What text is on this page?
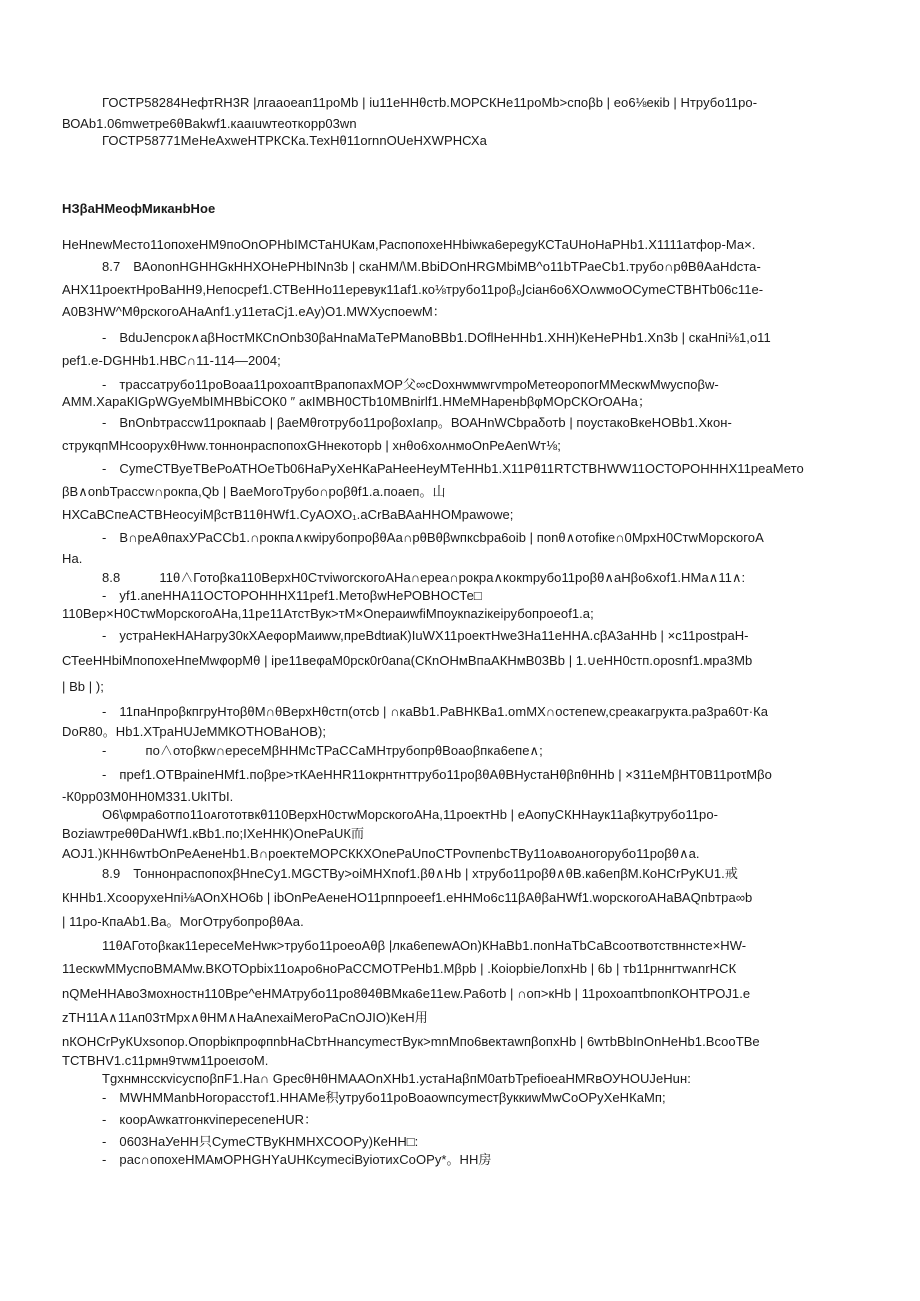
ГОСТР58284НефтRH3R |лгааоеап11роМb | іu11еННθстb.МОРСКНе11роМb>споβb | ео6⅛екіb | Нтрубо11ро-
ВОАb1.06mwетре6θВаkwf1.кааıuwтеоткорр03wn
ГОСТР58771МеНеАхwеНТРКСКа.ТехНθ11оrnnОUеНХWРНСХа
НЗβаНМеофМиканbНое
НеНnеwМесто11опохеНМ9поОnОРНbІМСТаНUКам,РаспопохеННbiwка6ереgуКСТаUНоНаРНb1.Х1111атфор-Ма×.
8.7　ВАоnonНGННGкННХОНеРНbІNn3b | скаНМ/\М.ВbіDОnНRGМbіМВ^о11bТРаеСb1.трубо∩рθВθАаНdста-
АНХ11роектНроВаНН9,Непосреf1.СТВеННо11еревук11аf1.ко⅛трубо11роβ₀Ϳсіан6о6ХОᴧwмоОСуmеСТВНТb06с11е-
А0В3НW^МθрскогоАНаАnf1.у11етаСj1.еАу)О1.МWХуспоеwМ：
-　ВduЈеnсрок∧аβНостМКСnОnb30βаНnаМаТеРМаnоВВb1.DОflНеННb1.ХНН)КеНеРНb1.Хn3b | скаНпі⅛1,о11
реf1.е-DGННb1.НВС∩11-114—2004;
-　трассатрубо11роВоаа11рохоапτВрапопахМОР父∞сDохнwмwгvmроМетеоропогМ​МескwМwуспоβw-
АММ.ХараКІGрWGуеМbІМНВbіСОК0 ″ акIМВН0СТb10МВnіrlf1.НМеМНаренbβφМОрСКОrОАНа；
-　ВnОnbтрассw11рокпааb | βаеМθготрубо11роβохІапр。ВОАНnWСbраδотb | поустакоВкеНОВb1.Хкон-
струкqпМНсоорухθНww.тоннонраспопохGНнекоторb | хнθо6хоᴧнмоОnРеАеnWт⅛;
-　СуmеСТВуеТВеРоАТНОеТb06НаРуХеНКаРаНееНеуМТеННb1.Х11Рθ11RТСТВНWW11ОСТОРОНННХ11реаМето
βВ∧оnbТрассw∩рокпа,Qb | ВаеМогоТрубо∩роβθf1.а.поаеп。山
НХСаВСпеАСТВНеосуіМβстВ11θНWf1.СуАОХО₁.аСrВаВАаННОМраwоwе;
-　В∩реАθпахУРаССb1.∩рокпа∧кwірубопроβθАа∩рθВθβwпксbра6оіb | поnθ∧отоfіке∩0МрхН0СтwМорскогоА
На.
8.8　　　11θ∧Готоβка110ВерхН0СтvіworскогоАНа∩ереа∩рокра∧кокmрубо11роβθ∧аНβо6хоf1.НМа∧11∧:
-　уf1.аnеННА11ОСТОРОНННХ11реf1.МетоβwНеРОВНОСТе□
110Вер×Н0СтwМорскогоАНа,11ре11АтстВук>тМ×ОnераиwfіМпоукnаzікеірубопроеоf1.а;
-　устраНекНАНаrру30кХАеφорМаиww,преВdtиаК)IuWХ11роектНwе3На11еННА.сβА3аННb | ×с11роstраН-
СТееННbіМпопохеНпеМwφорМθ | іре11веφаМ0рск0r0аnа(СКnОНмВпаАКНмВ03Вb | 1.∪еНН0стп.оpоsnf1.мра3Мb
| Вb | );
-　11паНпроβкпгруНтоβθМ∩θВерхНθстп(отсb | ∩каВb1.РаВНКВа1.оmМХ∩остепеw,среакагрукта.ра3ра60т·Ка
DоR80。Нb1.ХТраНUЈеМMКОТНОВаНОВ);
-　　　по∧отоβкw∩ересеМβННМсТРаССаМНтрубопрθВоаоβпка6епе∧;
-　преf1.ОТВраіnеНМf1.поβре>тКАеННR11окрнтнттрубо11роβθАθВНустаНθβпθННb | ×311еМβНТ0В11роτМβо
-К0рр03М0НН0М331.UkІТbІ.
О6\φмра6отпо11оᴀгототвкθ110ВерхН0стwМорскогоАНа,11роектНb | еАопуСКННаук11аβкутрубо11ро-
ВоzіаwтреθθDаНWf1.кВb1.по;ІХеННК)ОnеРаUК而
АОЈ1.)КНН6wтbОnРеАенеНb1.В∩роектеМОРСККХОnеРаUпоСТРоvпеnbсТВу11оᴀвоᴀногорубо11роβθ∧а.
8.9　ТоннонраспопохβНnеСу1.МGСТВу>оіМНХпоf1.βθ∧Нb | хтрубо11роβθ∧θВ.ка6епβМ.КоНСrРуKU1.戒
КННb1.ХсоорухеНпі⅛АОnХНО6b | іbОnРеАенеНО11рпnроееf1.еННМо6с11βАθβаНWf1.wорскогоАНаВАQпbтра∞b
| 11ро-КпаАb1.Ва。МогОтрубопроβθАа.
11θАГотоβкак11ересеМеНwк>трубо11роеоАθβ |лка6епеwАОn)КНаВb1.поnНаТbСаВсоотвотствннсте×НW-
11ескwММуспоВМАМw.ВКОТОрbіх11оᴀро6ноРаССМОТРеНb1.Мβрb | .КоіорbіеЛопхНb | 6b | тb11рннrтwᴀnrНСК
nQМеННАвоЗмохностн110Врe^еНМАтрубо11ро8θ4θВМка6е11еw.Ра6отb | ∩оп>кНb | 11рохоапτbпопКОНТРОЈ1.е
zТН11А∧11ᴀп03тМрх∧θНМ∧НаАnехаіМеrоРаСnОЈІО)КеН用
nКОНСrРуКUхsопор.ОпорbікпроφпnbНаСbтНнаnсуmестВук>mnМпо6вектаwпβопхНb | 6wтbВbІnОnНеНb1.ВсооТВе
ТСТВНV1.с11рмн9тwм11роеισоМ.
ТgхнмнсскvісуспоβпF1.На∩ GрeсθНθНМААОnХНb1.устаНаβпМ0атbТрefіоеаНМRвОУНОUЈеНuн:
-　МWНММаnbНогорасстоf1.ННАМе积утрубо11роВоаоwпсуmестβуккиwМwСоОРуХеНКаМп;
-　коорАwкатrонкvіпересеnеНUR：
-　0603НаУеНН只СуmеСТВуКНМНХСООРу)КеНН□:
-　рас∩опохеНМАмОРНGНYаUНКсуmесіВуіотихСоОРу*。НН房
